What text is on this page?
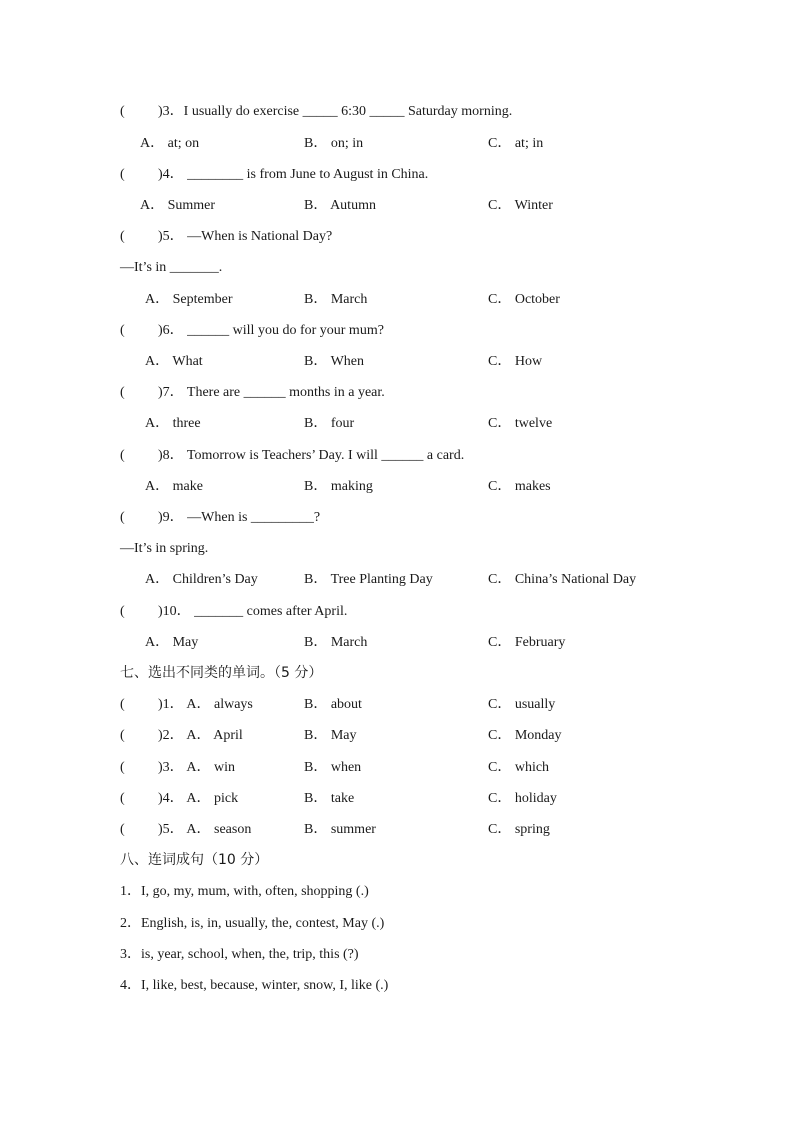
( )3．I usually do exercise _____ 6:30 _____ Saturday morning.
A． at; on	B． on; in	C． at; in
( )4． ________ is from June to August in China.
A． Summer	B． Autumn	C． Winter
( )5． —When is National Day?
—It’s in _______.
A． September	B． March	C． October
( )6． ______ will you do for your mum?
A． What	B． When	C． How
( )7． There are ______ months in a year.
A． three	B． four	C． twelve
( )8． Tomorrow is Teachers’ Day. I will ______ a card.
A． make	B． making	C． makes
( )9． —When is _________?
—It’s in spring.
A． Children’s Day	B． Tree Planting Day	C． China’s National Day
( )10． _______ comes after April.
A． May	B． March	C． February
七、选出不同类的单词。（5 分）
( )1． A． always	B． about	C． usually
( )2． A． April	B． May	C． Monday
( )3． A． win	B． when	C． which
( )4． A． pick	B． take	C． holiday
( )5． A． season	B． summer	C． spring
八、连词成句（10 分）
1．I, go, my, mum, with, often, shopping (.)
2．English, is, in, usually, the, contest, May (.)
3．is, year, school, when, the, trip, this (?)
4．I, like, best, because, winter, snow, I, like (.)
